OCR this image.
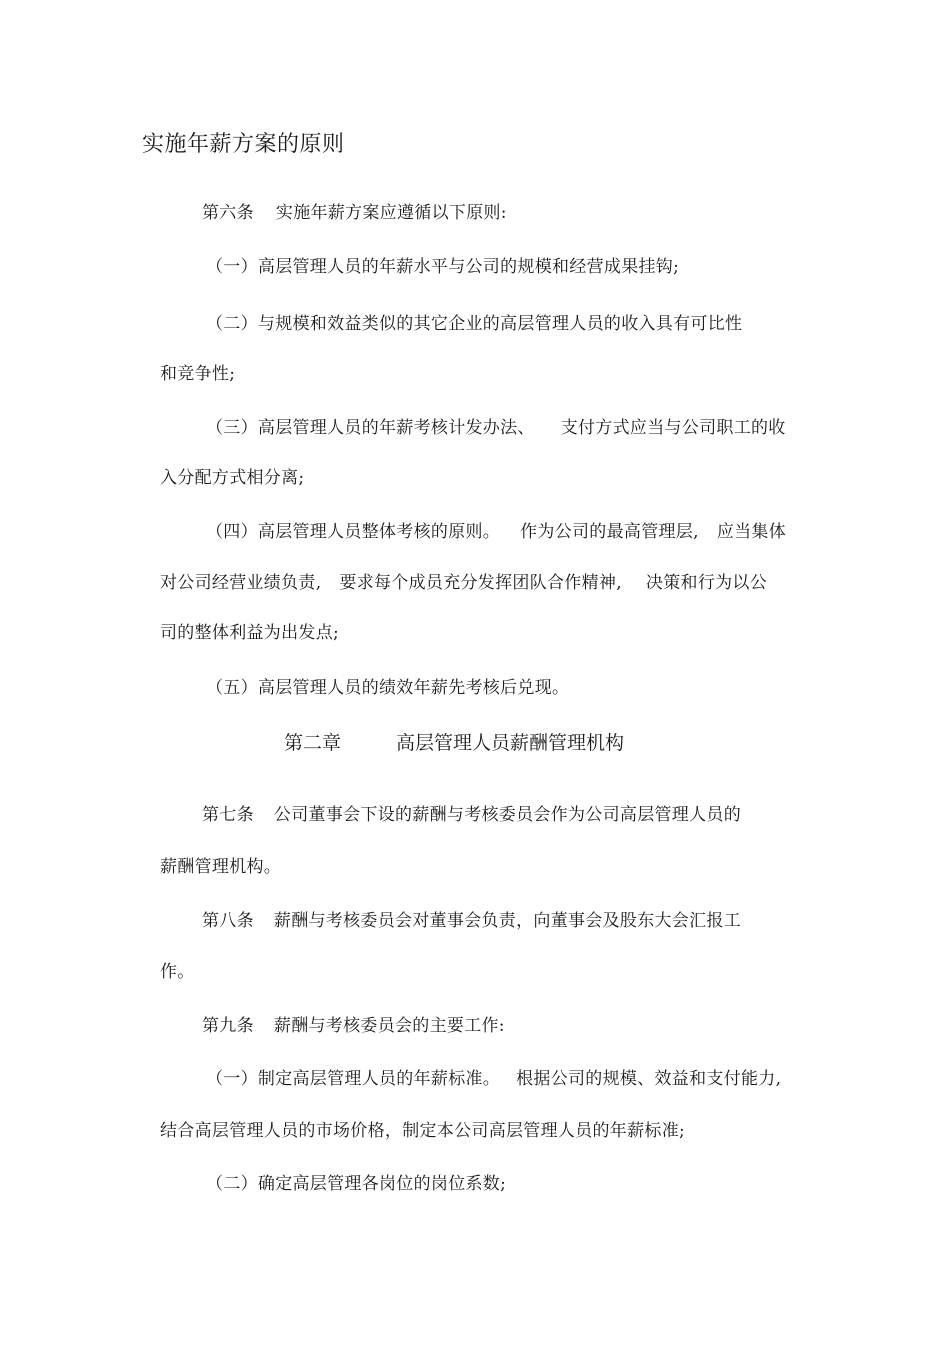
实施年薪方案的原则
第六条 实施年薪方案应遵循以下原则:
（一）高层管理人员的年薪水平与公司的规模和经营成果挂钩;
（二）与规模和效益类似的其它企业的高层管理人员的收入具有可比性
和竞争性;
（三）高层管理人员的年薪考核计发办法、 支付方式应当与公司职工的收
入分配方式相分离;
（四）高层管理人员整体考核的原则。 作为公司的最高管理层, 应当集体
对公司经营业绩负责, 要求每个成员充分发挥团队合作精神, 决策和行为以公
司的整体利益为出发点;
（五）高层管理人员的绩效年薪先考核后兑现。
第二章	高层管理人员薪酬管理机构
第七条 公司董事会下设的薪酬与考核委员会作为公司高层管理人员的
薪酬管理机构。
第八条 薪酬与考核委员会对董事会负责，向董事会及股东大会汇报工
作。
第九条 薪酬与考核委员会的主要工作:
（一）制定高层管理人员的年薪标准。 根据公司的规模、效益和支付能力,
结合高层管理人员的市场价格，制定本公司高层管理人员的年薪标准;
（二）确定高层管理各岗位的岗位系数;
